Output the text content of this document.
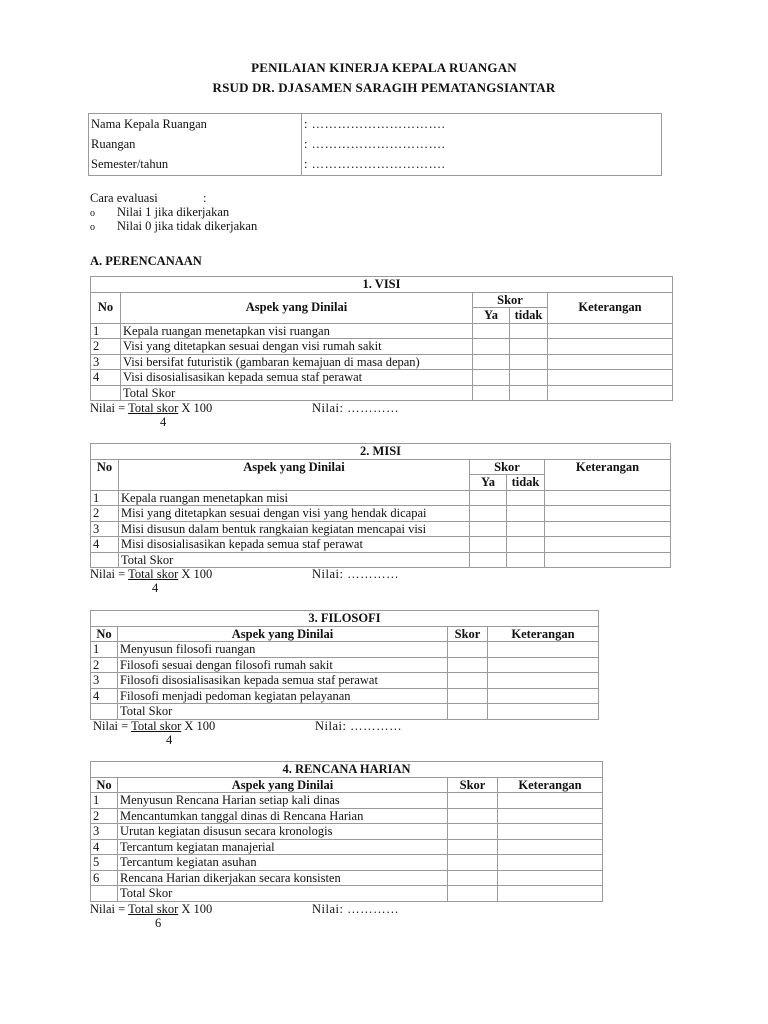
PENILAIAN KINERJA KEPALA RUANGAN
RSUD DR. DJASAMEN SARAGIH PEMATANGSIANTAR
Nama Kepala Ruangan	: ………………………….
Ruangan	: ………………………….
Semester/tahun	: ………………………….
Cara evaluasi	:
o Nilai 1 jika dikerjakan
o Nilai 0 jika tidak dikerjakan
A. PERENCANAAN
1. VISI				
No	Aspek yang Dinilai	Skor		Keterangan
		Ya	tidak	
1	Kepala ruangan menetapkan visi ruangan			
2	Visi yang ditetapkan sesuai dengan visi rumah sakit			
3	Visi bersifat futuristik (gambaran kemajuan di masa depan)			
4	Visi disosialisasikan kepada semua staf perawat			
	Total Skor			
Nilai = Total skor X 100	Nilai: …………
4
2. MISI				
No	Aspek yang Dinilai	Skor		Keterangan
		Ya	tidak	
1	Kepala ruangan menetapkan misi			
2	Misi yang ditetapkan sesuai dengan visi yang hendak dicapai			
3	Misi disusun dalam bentuk rangkaian kegiatan mencapai visi			
4	Misi disosialisasikan kepada semua staf perawat			
	Total Skor			
Nilai = Total skor X 100	Nilai: …………
4
3. FILOSOFI			
No	Aspek yang Dinilai	Skor	Keterangan
1	Menyusun filosofi ruangan		
2	Filosofi sesuai dengan filosofi rumah sakit		
3	Filosofi disosialisasikan kepada semua staf perawat		
4	Filosofi menjadi pedoman kegiatan pelayanan		
	Total Skor		
Nilai = Total skor X 100	Nilai: …………
4
4. RENCANA HARIAN			
No	Aspek yang Dinilai	Skor	Keterangan
1	Menyusun Rencana Harian setiap kali dinas		
2	Mencantumkan tanggal dinas di Rencana Harian		
3	Urutan kegiatan disusun secara kronologis		
4	Tercantum kegiatan manajerial		
5	Tercantum kegiatan asuhan		
6	Rencana Harian dikerjakan secara konsisten		
	Total Skor		
Nilai = Total skor X 100	Nilai: …………
6
